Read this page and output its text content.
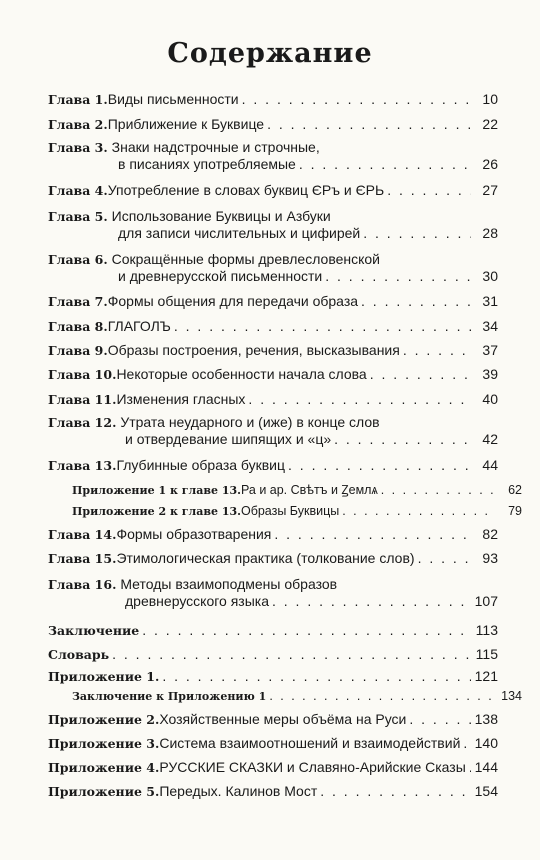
Содержание
Глава 1. Виды письменности . . .	10
Глава 2. Приближение к Буквице . . .	22
Глава 3. Знаки надстрочные и строчные,
в писаниях употребляемые . . .	26
Глава 4. Употребление в словах буквиц ЄРъ и ЄРЬ . . .	27
Глава 5. Использование Буквицы и Азбуки
для записи числительных и цифирей . . .	28
Глава 6. Сокращённые формы древлесловенской
и древнерусской письменности . . .	30
Глава 7. Формы общения для передачи образа . . .	31
Глава 8. ГЛАГОЛЪ . . .	34
Глава 9. Образы построения, речения, высказывания . . .	37
Глава 10. Некоторые особенности начала слова . . .	39
Глава 11. Изменения гласных . . .	40
Глава 12. Утрата неударного и (иже) в конце слов
и отвердевание шипящих и «ц» . . .	42
Глава 13. Глубинные образа буквиц . . .	44
Приложение 1 к главе 13. Ра и ар. Свѣтъ и Ꙁемлѧ . . .	62
Приложение 2 к главе 13. Образы Буквицы . . .	79
Глава 14. Формы образотварения . . .	82
Глава 15. Этимологическая практика (толкование слов) . . .	93
Глава 16. Методы взаимоподмены образов
древнерусского языка . . .	107
Заключение . . .	113
Словарь . . .	115
Приложение 1. . . .	121
Заключение к Приложению 1 . . .	134
Приложение 2. Хозяйственные меры объёма на Руси . . .	138
Приложение 3. Система взаимоотношений и взаимодействий . . . 140
Приложение 4. РУССКИЕ СКАЗКИ и Славяно-Арийские Сказы . . . 144
Приложение 5. Передых. Калинов Мост . . .	154
